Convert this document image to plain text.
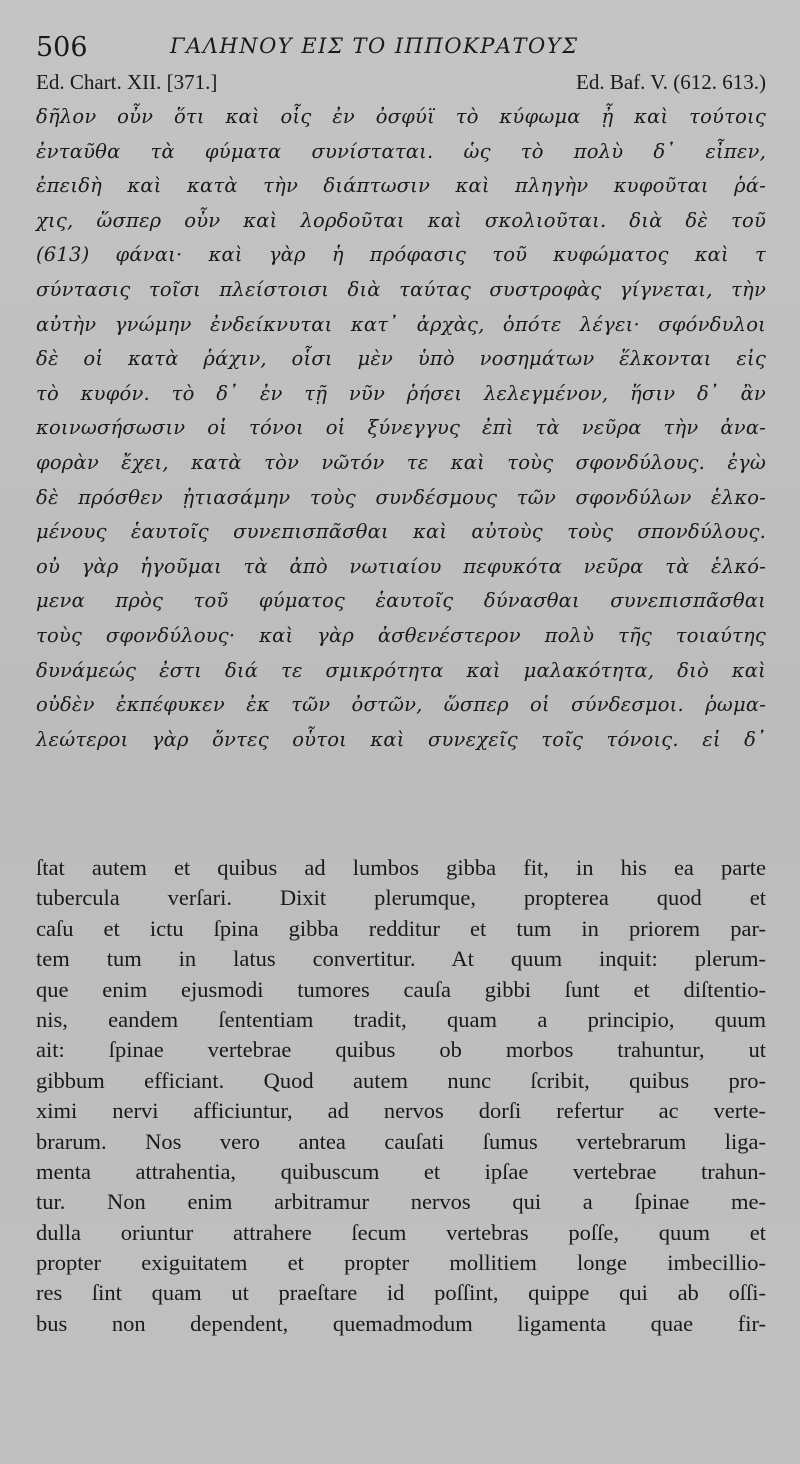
506	ΓΑΛΗΝΟΥ ΕΙΣ ΤΟ ΙΠΠΟΚΡΑΤΟΥΣ
Ed. Chart. XII. [371.]	Ed. Baf. V. (612. 613.)
δῆλον οὖν ὅτι καὶ οἷς ἐν ὀσφύϊ τὸ κύφωμα ᾖ καὶ τούτοις
ἐνταῦθα τὰ φύματα συνίσταται. ὡς τὸ πολὺ δ᾽ εἶπεν,
ἐπειδὴ καὶ κατὰ τὴν διάπτωσιν καὶ πληγὴν κυφοῦται ῥά-
χις, ὥσπερ οὖν καὶ λορδοῦται καὶ σκολιοῦται. διὰ δὲ τοῦ
(613) φάναι· καὶ γὰρ ἡ πρόφασις τοῦ κυφώματος καὶ τ
σύντασις τοῖσι πλείστοισι διὰ ταύτας συστροφὰς γίγνεται, τὴν
αὐτὴν γνώμην ἐνδείκνυται κατ᾽ ἀρχὰς, ὁπότε λέγει· σφόνδυλοι
δὲ οἱ κατὰ ῥάχιν, οἷσι μὲν ὑπὸ νοσημάτων ἕλκονται εἰς
τὸ κυφόν. τὸ δ᾽ ἐν τῇ νῦν ῥήσει λελεγμένον, ἥσιν δ᾽ ἂν
κοινωσήσωσιν οἱ τόνοι οἱ ξύνεγγυς ἐπὶ τὰ νεῦρα τὴν ἀνα-
φορὰν ἔχει, κατὰ τὸν νῶτόν τε καὶ τοὺς σφονδύλους. ἐγὼ
δὲ πρόσθεν ᾐτιασάμην τοὺς συνδέσμους τῶν σφονδύλων ἑλκο-
μένους ἑαυτοῖς συνεπισπᾶσθαι καὶ αὐτοὺς τοὺς σπονδύλους.
οὐ γὰρ ἡγοῦμαι τὰ ἀπὸ νωτιαίου πεφυκότα νεῦρα τὰ ἑλκό-
μενα πρὸς τοῦ φύματος ἑαυτοῖς δύνασθαι συνεπισπᾶσθαι
τοὺς σφονδύλους· καὶ γὰρ ἀσθενέστερον πολὺ τῆς τοιαύτης
δυνάμεώς ἐστι διά τε σμικρότητα καὶ μαλακότητα, διὸ καὶ
οὐδὲν ἐκπέφυκεν ἐκ τῶν ὀστῶν, ὥσπερ οἱ σύνδεσμοι. ῥωμα-
λεώτεροι γὰρ ὄντες οὗτοι καὶ συνεχεῖς τοῖς τόνοις. εἰ δ᾽
ſtat autem et quibus ad lumbos gibba fit, in his ea parte
tubercula verſari. Dixit plerumque, propterea quod et
caſu et ictu ſpina gibba redditur et tum in priorem par-
tem tum in latus convertitur. At quum inquit: plerum-
que enim ejusmodi tumores cauſa gibbi ſunt et diſtentio-
nis, eandem ſententiam tradit, quam a principio, quum
ait: ſpinae vertebrae quibus ob morbos trahuntur, ut
gibbum efficiant. Quod autem nunc ſcribit, quibus pro-
ximi nervi afficiuntur, ad nervos dorſi refertur ac verte-
brarum. Nos vero antea cauſati ſumus vertebrarum liga-
menta attrahentia, quibuscum et ipſae vertebrae trahun-
tur. Non enim arbitramur nervos qui a ſpinae me-
dulla oriuntur attrahere ſecum vertebras poſſe, quum et
propter exiguitatem et propter mollitiem longe imbecillio-
res ſint quam ut praeſtare id poſſint, quippe qui ab oſſi-
bus non dependent, quemadmodum ligamenta quae fir-
